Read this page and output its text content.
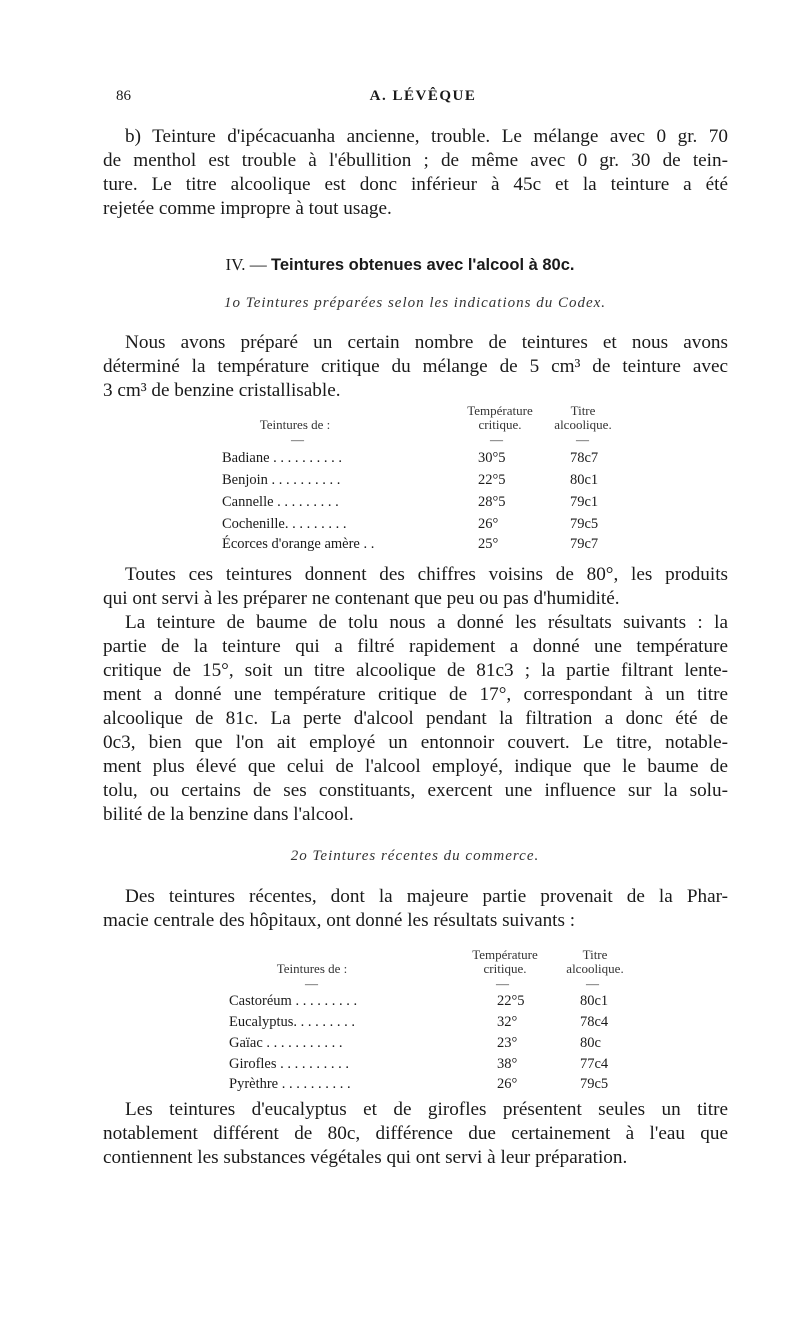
86	A. LÉVÊQUE
b) Teinture d'ipécacuanha ancienne, trouble. Le mélange avec 0 gr. 70
de menthol est trouble à l'ébullition ; de même avec 0 gr. 30 de tein-
ture. Le titre alcoolique est donc inférieur à 45c et la teinture a été
rejetée comme impropre à tout usage.
IV. — Teintures obtenues avec l'alcool à 80c.
1o Teintures préparées selon les indications du Codex.
Nous avons préparé un certain nombre de teintures et nous avons
déterminé la température critique du mélange de 5 cm³ de teinture avec
3 cm³ de benzine cristallisable.
Teintures de :
Température
critique.
Titre
alcoolique.
—	—	—
Badiane . . . . . . . . . .	30°5	78c7
Benjoin . . . . . . . . . .	22°5	80c1
Cannelle . . . . . . . . .	28°5	79c1
Cochenille. . . . . . . . .	26°	79c5
Écorces d'orange amère . .	25°	79c7
Toutes ces teintures donnent des chiffres voisins de 80°, les produits
qui ont servi à les préparer ne contenant que peu ou pas d'humidité.
La teinture de baume de tolu nous a donné les résultats suivants : la
partie de la teinture qui a filtré rapidement a donné une température
critique de 15°, soit un titre alcoolique de 81c3 ; la partie filtrant lente-
ment a donné une température critique de 17°, correspondant à un titre
alcoolique de 81c. La perte d'alcool pendant la filtration a donc été de
0c3, bien que l'on ait employé un entonnoir couvert. Le titre, notable-
ment plus élevé que celui de l'alcool employé, indique que le baume de
tolu, ou certains de ses constituants, exercent une influence sur la solu-
bilité de la benzine dans l'alcool.
2o Teintures récentes du commerce.
Des teintures récentes, dont la majeure partie provenait de la Phar-
macie centrale des hôpitaux, ont donné les résultats suivants :
Teintures de :
Température
critique.
Titre
alcoolique.
—	—	—
Castoréum . . . . . . . . .	22°5	80c1
Eucalyptus. . . . . . . . .	32°	78c4
Gaïac . . . . . . . . . . .	23°	80c
Girofles . . . . . . . . . .	38°	77c4
Pyrèthre . . . . . . . . . .	26°	79c5
Les teintures d'eucalyptus et de girofles présentent seules un titre
notablement différent de 80c, différence due certainement à l'eau que
contiennent les substances végétales qui ont servi à leur préparation.
